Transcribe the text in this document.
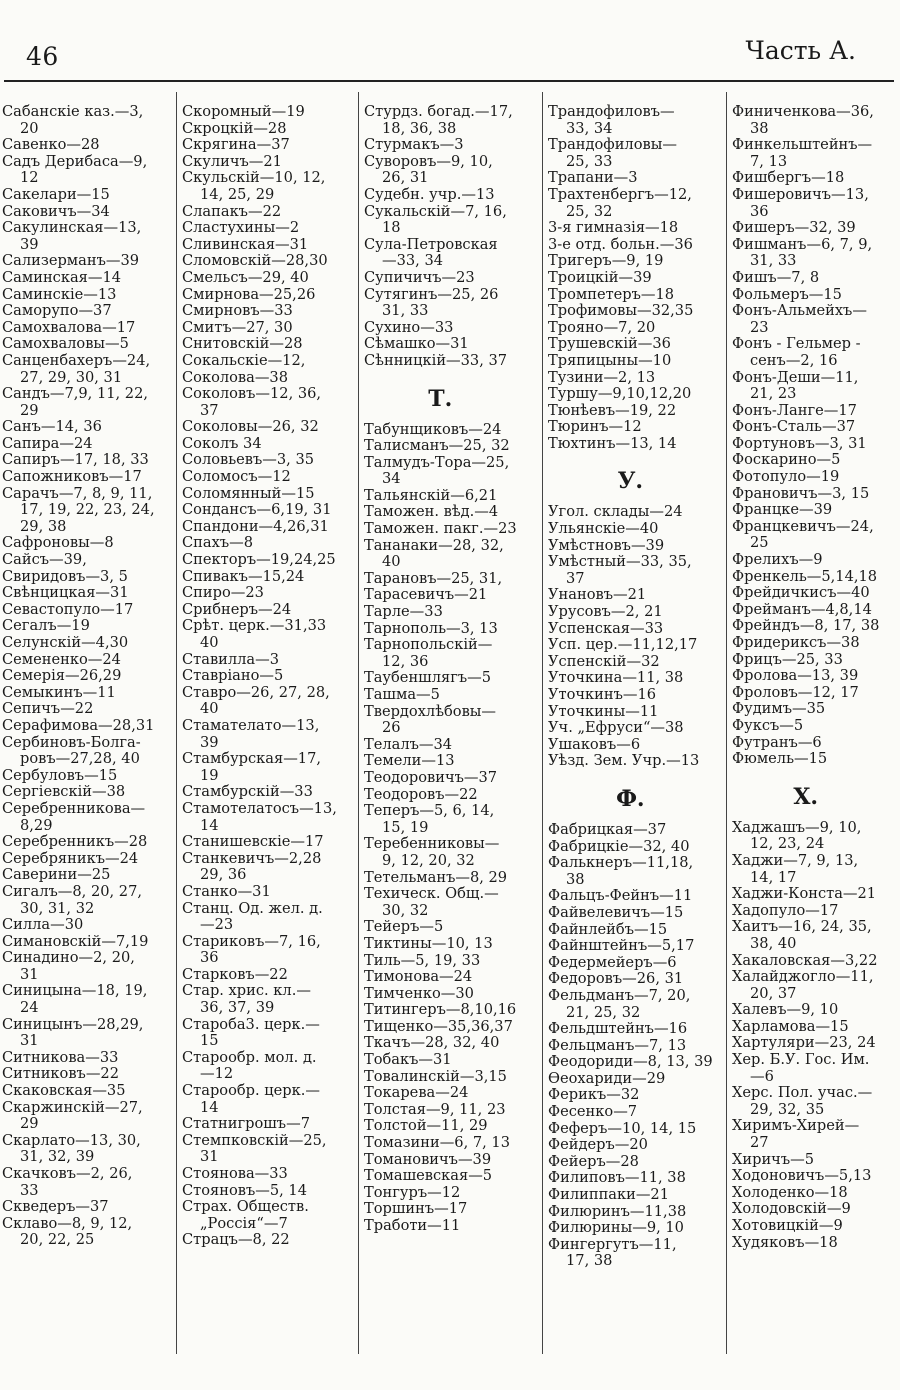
46	Часть А.
Сабанскiе каз.—3,
20
Савенко—28
Садъ Дерибаса—9,
12
Сакелари—15
Саковичъ—34
Сакулинская—13,
39
Сализерманъ—39
Саминская—14
Саминскiе—13
Саморупо—37
Самохвалова—17
Самохваловы—5
Санценбахеръ—24,
27, 29, 30, 31
Сандъ—7,9, 11, 22,
29
Санъ—14, 36
Сапира—24
Сапиръ—17, 18, 33
Сапожниковъ—17
Сарачъ—7, 8, 9, 11,
17, 19, 22, 23, 24,
29, 38
Сафроновы—8
Сайсъ—39,
Свиридовъ—3, 5
Свѣнцицкая—31
Севастопуло—17
Сегалъ—19
Селунскiй—4,30
Семененко—24
Семерiя—26,29
Семыкинъ—11
Сепичъ—22
Серафимова—28,31
Сербиновъ-Болга-
ровъ—27,28, 40
Сербуловъ—15
Сергiевскiй—38
Серебренникова—
8,29
Серебренникъ—28
Серебряникъ—24
Саверини—25
Сигалъ—8, 20, 27,
30, 31, 32
Силла—30
Симановскiй—7,19
Синадино—2, 20,
31
Синицына—18, 19,
24
Синицынъ—28,29,
31
Ситникова—33
Ситниковъ—22
Скаковская—35
Скаржинскiй—27,
29
Скарлато—13, 30,
31, 32, 39
Скачковъ—2, 26,
33
Скведеръ—37
Склаво—8, 9, 12,
20, 22, 25
Скоромный—19
Скроцкiй—28
Скрягина—37
Скуличъ—21
Скульскiй—10, 12,
14, 25, 29
Слапакъ—22
Сластухины—2
Сливинская—31
Сломовскiй—28,30
Смельсъ—29, 40
Смирнова—25,26
Смирновъ—33
Смитъ—27, 30
Снитовскiй—28
Сокальскiе—12,
Соколова—38
Соколовъ—12, 36,
37
Соколовы—26, 32
Соколъ 34
Соловьевъ—3, 35
Соломосъ—12
Соломянный—15
Сондансъ—6,19, 31
Спандони—4,26,31
Спахъ—8
Спекторъ—19,24,25
Спивакъ—15,24
Спиро—23
Срибнеръ—24
Срѣт. церк.—31,33
40
Ставилла—3
Ставрiано—5
Ставро—26, 27, 28,
40
Стамателато—13,
39
Стамбурская—17,
19
Стамбурскiй—33
Стамотелатосъ—13,
14
Станишевскiе—17
Станкевичъ—2,28
29, 36
Станко—31
Станц. Од. жел. д.
—23
Стариковъ—7, 16,
36
Старковъ—22
Стар. хрис. кл.—
36, 37, 39
Староба3. церк.—
15
Старообр. мол. д.
—12
Старообр. церк.—
14
Статнигрошъ—7
Стемпковскiй—25,
31
Стоянова—33
Стояновъ—5, 14
Страх. Обществ.
„Россiя“—7
Страцъ—8, 22
Стурдз. богад.—17,
18, 36, 38
Стурмакъ—3
Суворовъ—9, 10,
26, 31
Судебн. учр.—13
Сукальскiй—7, 16,
18
Сула-Петровская
—33, 34
Супичичъ—23
Сутягинъ—25, 26
31, 33
Сухино—33
Сѣмашко—31
Сѣнницкiй—33, 37
Т.
Табунщиковъ—24
Талисманъ—25, 32
Талмудъ-Тора—25,
34
Тальянскiй—6,21
Таможен. вѣд.—4
Таможен. пакг.—23
Тананаки—28, 32,
40
Тарановъ—25, 31,
Тарасевичъ—21
Тарле—33
Тарнополь—3, 13
Тарнопольскiй—
12, 36
Таубеншлягъ—5
Ташма—5
Твердохлѣбовы—
26
Телалъ—34
Темели—13
Теодоровичъ—37
Теодоровъ—22
Теперъ—5, 6, 14,
15, 19
Теребенниковы—
9, 12, 20, 32
Тетельманъ—8, 29
Техическ. Общ.—
30, 32
Тейеръ—5
Тиктины—10, 13
Тиль—5, 19, 33
Тимонова—24
Тимченко—30
Титингеръ—8,10,16
Тищенко—35,36,37
Ткачъ—28, 32, 40
Тобакъ—31
Товалинскiй—3,15
Токарева—24
Толстая—9, 11, 23
Толстой—11, 29
Томазини—6, 7, 13
Томановичъ—39
Томашевская—5
Тонгуръ—12
Торшинъ—17
Тработи—11
Трандофиловъ—
33, 34
Трандофиловы—
25, 33
Трапани—3
Трахтенбергъ—12,
25, 32
3-я гимназiя—18
3-е отд. больн.—36
Тригеръ—9, 19
Троицкiй—39
Тромпетеръ—18
Трофимовы—32,35
Трояно—7, 20
Трушевскiй—36
Тряпицыны—10
Тузини—2, 13
Туршу—9,10,12,20
Тюнѣевъ—19, 22
Тюринъ—12
Тюхтинъ—13, 14
У.
Угол. склады—24
Ульянскiе—40
Умѣстновъ—39
Умѣстный—33, 35,
37
Унановъ—21
Урусовъ—2, 21
Успенская—33
Усп. цер.—11,12,17
Успенскiй—32
Уточкина—11, 38
Уточкинъ—16
Уточкины—11
Уч. „Ефруси“—38
Ушаковъ—6
Уѣзд. Зем. Учр.—13
Ф.
Фабрицкая—37
Фабрицкiе—32, 40
Фалькнеръ—11,18,
38
Фальцъ-Фейнъ—11
Файвелевичъ—15
Файнлейбъ—15
Файнштейнъ—5,17
Федермейеръ—6
Федоровъ—26, 31
Фельдманъ—7, 20,
21, 25, 32
Фельдштейнъ—16
Фельцманъ—7, 13
Феодориди—8, 13, 39
Ѳеохариди—29
Ферикъ—32
Фесенко—7
Феферъ—10, 14, 15
Фейдеръ—20
Фейеръ—28
Филиповъ—11, 38
Филиппаки—21
Филюринъ—11,38
Филюрины—9, 10
Фингергутъ—11,
17, 38
Финиченкова—36,
38
Финкельштейнъ—
7, 13
Фишбергъ—18
Фишеровичъ—13,
36
Фишеръ—32, 39
Фишманъ—6, 7, 9,
31, 33
Фишъ—7, 8
Фольмеръ—15
Фонъ-Альмейхъ—
23
Фонъ - Гельмер -
сенъ—2, 16
Фонъ-Деши—11,
21, 23
Фонъ-Ланге—17
Фонъ-Сталь—37
Фортуновъ—3, 31
Фоскарино—5
Фотопуло—19
Франовичъ—3, 15
Францке—39
Францкевичъ—24,
25
Фрелихъ—9
Френкель—5,14,18
Фрейдичкисъ—40
Фрейманъ—4,8,14
Фрейндъ—8, 17, 38
Фридериксъ—38
Фрицъ—25, 33
Фролова—13, 39
Фроловъ—12, 17
Фудимъ—35
Фуксъ—5
Футранъ—6
Фюмель—15
Х.
Хаджашъ—9, 10,
12, 23, 24
Хаджи—7, 9, 13,
14, 17
Хаджи-Конста—21
Хадопуло—17
Хаитъ—16, 24, 35,
38, 40
Хакаловская—3,22
Халайджогло—11,
20, 37
Халевъ—9, 10
Харламова—15
Хартуляри—23, 24
Хер. Б.У. Гос. Им.
—6
Херс. Пол. учас.—
29, 32, 35
Хиримъ-Хирей—
27
Хиричъ—5
Ходоновичъ—5,13
Холоденко—18
Холодовскiй—9
Хотовицкiй—9
Худяковъ—18
